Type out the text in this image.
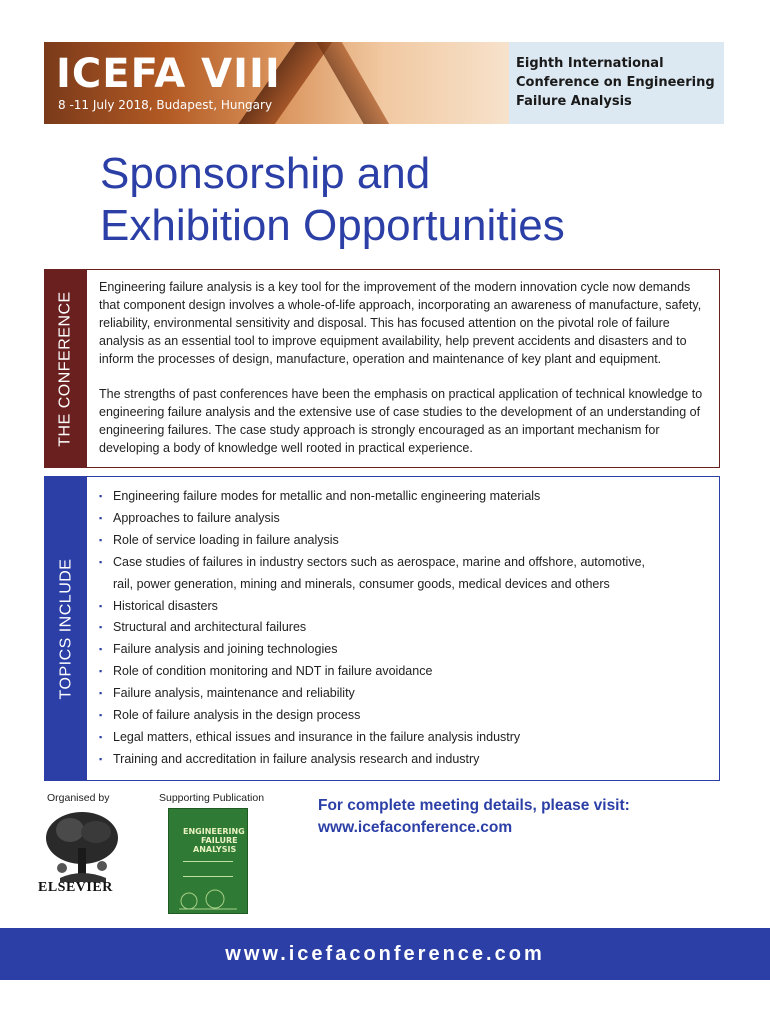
ICEFA VIII
8 -11 July 2018, Budapest, Hungary
Eighth International
Conference on Engineering
Failure Analysis
Sponsorship and
Exhibition Opportunities
THE CONFERENCE

Engineering failure analysis is a key tool for the improvement of the modern innovation cycle now demands that component design involves a whole-of-life approach, incorporating an awareness of manufacture, safety, reliability, environmental sensitivity and disposal. This has focused attention on the pivotal role of failure analysis as an essential tool to improve equipment availability, help prevent accidents and disasters and to inform the processes of design, manufacture, operation and maintenance of key plant and equipment.

The strengths of past conferences have been the emphasis on practical application of technical knowledge to engineering failure analysis and the extensive use of case studies to the development of an understanding of engineering failures. The case study approach is strongly encouraged as an important mechanism for developing a body of knowledge well rooted in practical experience.

TOPICS INCLUDE
▪ Engineering failure modes for metallic and non-metallic engineering materials
▪ Approaches to failure analysis
▪ Role of service loading in failure analysis
▪ Case studies of failures in industry sectors such as aerospace, marine and offshore, automotive, rail, power generation, mining and minerals, consumer goods, medical devices and others
▪ Historical disasters
▪ Structural and architectural failures
▪ Failure analysis and joining technologies
▪ Role of condition monitoring and NDT in failure avoidance
▪ Failure analysis, maintenance and reliability
▪ Role of failure analysis in the design process
▪ Legal matters, ethical issues and insurance in the failure analysis industry
▪ Training and accreditation in failure analysis research and industry
Organised by	Supporting Publication
ELSEVIER
ENGINEERING
FAILURE
ANALYSIS
For complete meeting details, please visit:
www.icefaconference.com
www.icefaconference.com
